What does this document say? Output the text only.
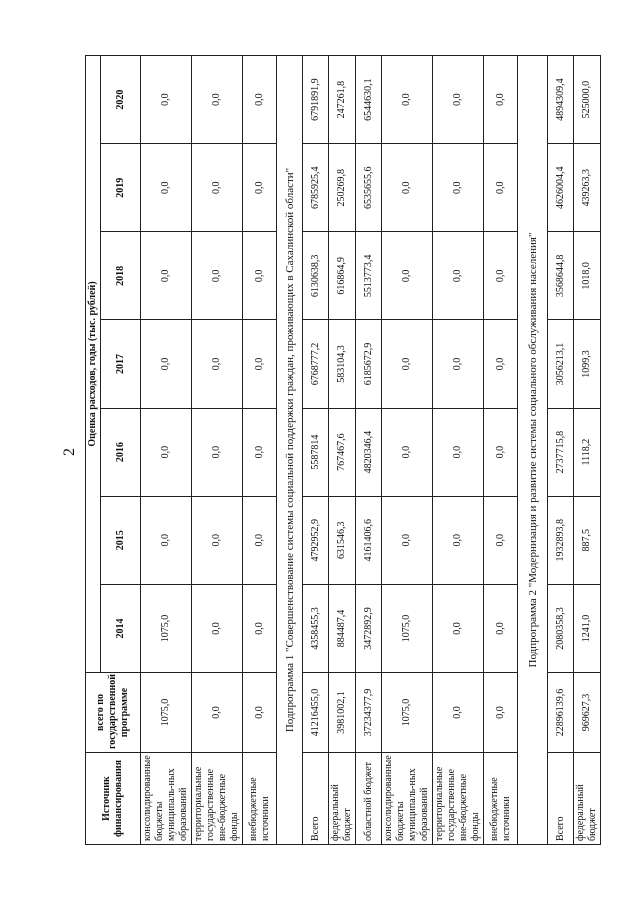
2
Источник финансирования	всего по государственной программе	Оценка расходов, годы (тыс. рублей)						
		2014	2015	2016	2017	2018	2019	2020
консолидированные бюджеты муниципаль-ных образований	1075,0	1075,0	0,0	0,0	0,0	0,0	0,0	0,0
территориальные государственные вне-бюджетные фонды	0,0	0,0	0,0	0,0	0,0	0,0	0,0	0,0
внебюджетные источники	0,0	0,0	0,0	0,0	0,0	0,0	0,0	0,0
Подпрограмма 1 "Совершенствование системы социальной поддержки граждан, проживающих в Сахалинской области"								
Всего	41216455,0	4358455,3	4792952,9	5587814	6768777,2	6130638,3	6785925,4	6791891,9
федеральный бюджет	3981002,1	884487,4	631546,3	767467,6	583104,3	616864,9	250269,8	247261,8
областной бюджет	37234377,9	3472892,9	4161406,6	4820346,4	6185672,9	5513773,4	6535655,6	6544630,1
консолидированные бюджеты муниципаль-ных образований	1075,0	1075,0	0,0	0,0	0,0	0,0	0,0	0,0
территориальные государственные вне-бюджетные фонды	0,0	0,0	0,0	0,0	0,0	0,0	0,0	0,0
внебюджетные источники	0,0	0,0	0,0	0,0	0,0	0,0	0,0	0,0
Подпрограмма 2 "Модернизация и развитие системы социального обслуживания населения"								
Всего	22896139,6	2080358,3	1932893,8	2737715,8	3056213,1	3568644,8	4626004,4	4894309,4
федеральный бюджет	969627,3	1241,0	887,5	1118,2	1099,3	1018,0	439263,3	525000,0
